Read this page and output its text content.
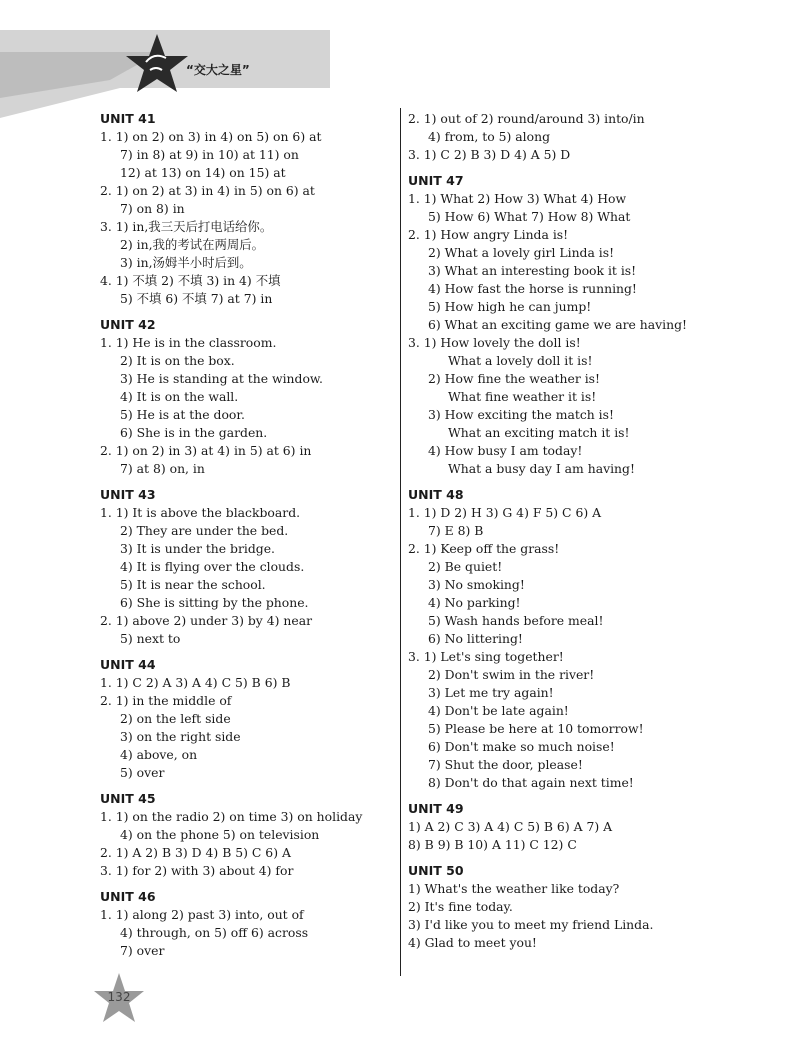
“交大之星”
UNIT 41
1. 1) on 2) on 3) in 4) on 5) on 6) at
7) in 8) at 9) in 10) at 11) on
12) at 13) on 14) on 15) at
2. 1) on 2) at 3) in 4) in 5) on 6) at
7) on 8) in
3. 1) in,我三天后打电话给你。
2) in,我的考试在两周后。
3) in,汤姆半小时后到。
4. 1) 不填 2) 不填 3) in 4) 不填
5) 不填 6) 不填 7) at 7) in
UNIT 42
1. 1) He is in the classroom.
2) It is on the box.
3) He is standing at the window.
4) It is on the wall.
5) He is at the door.
6) She is in the garden.
2. 1) on 2) in 3) at 4) in 5) at 6) in
7) at 8) on, in
UNIT 43
1. 1) It is above the blackboard.
2) They are under the bed.
3) It is under the bridge.
4) It is flying over the clouds.
5) It is near the school.
6) She is sitting by the phone.
2. 1) above 2) under 3) by 4) near
5) next to
UNIT 44
1. 1) C 2) A 3) A 4) C 5) B 6) B
2. 1) in the middle of
2) on the left side
3) on the right side
4) above, on
5) over
UNIT 45
1. 1) on the radio 2) on time 3) on holiday
4) on the phone 5) on television
2. 1) A 2) B 3) D 4) B 5) C 6) A
3. 1) for 2) with 3) about 4) for
UNIT 46
1. 1) along 2) past 3) into, out of
4) through, on 5) off 6) across
7) over
2. 1) out of 2) round/around 3) into/in
4) from, to 5) along
3. 1) C 2) B 3) D 4) A 5) D
UNIT 47
1. 1) What 2) How 3) What 4) How
5) How 6) What 7) How 8) What
2. 1) How angry Linda is!
2) What a lovely girl Linda is!
3) What an interesting book it is!
4) How fast the horse is running!
5) How high he can jump!
6) What an exciting game we are having!
3. 1) How lovely the doll is!
What a lovely doll it is!
2) How fine the weather is!
What fine weather it is!
3) How exciting the match is!
What an exciting match it is!
4) How busy I am today!
What a busy day I am having!
UNIT 48
1. 1) D 2) H 3) G 4) F 5) C 6) A
7) E 8) B
2. 1) Keep off the grass!
2) Be quiet!
3) No smoking!
4) No parking!
5) Wash hands before meal!
6) No littering!
3. 1) Let's sing together!
2) Don't swim in the river!
3) Let me try again!
4) Don't be late again!
5) Please be here at 10 tomorrow!
6) Don't make so much noise!
7) Shut the door, please!
8) Don't do that again next time!
UNIT 49
1) A 2) C 3) A 4) C 5) B 6) A 7) A
8) B 9) B 10) A 11) C 12) C
UNIT 50
1) What's the weather like today?
2) It's fine today.
3) I'd like you to meet my friend Linda.
4) Glad to meet you!
132
